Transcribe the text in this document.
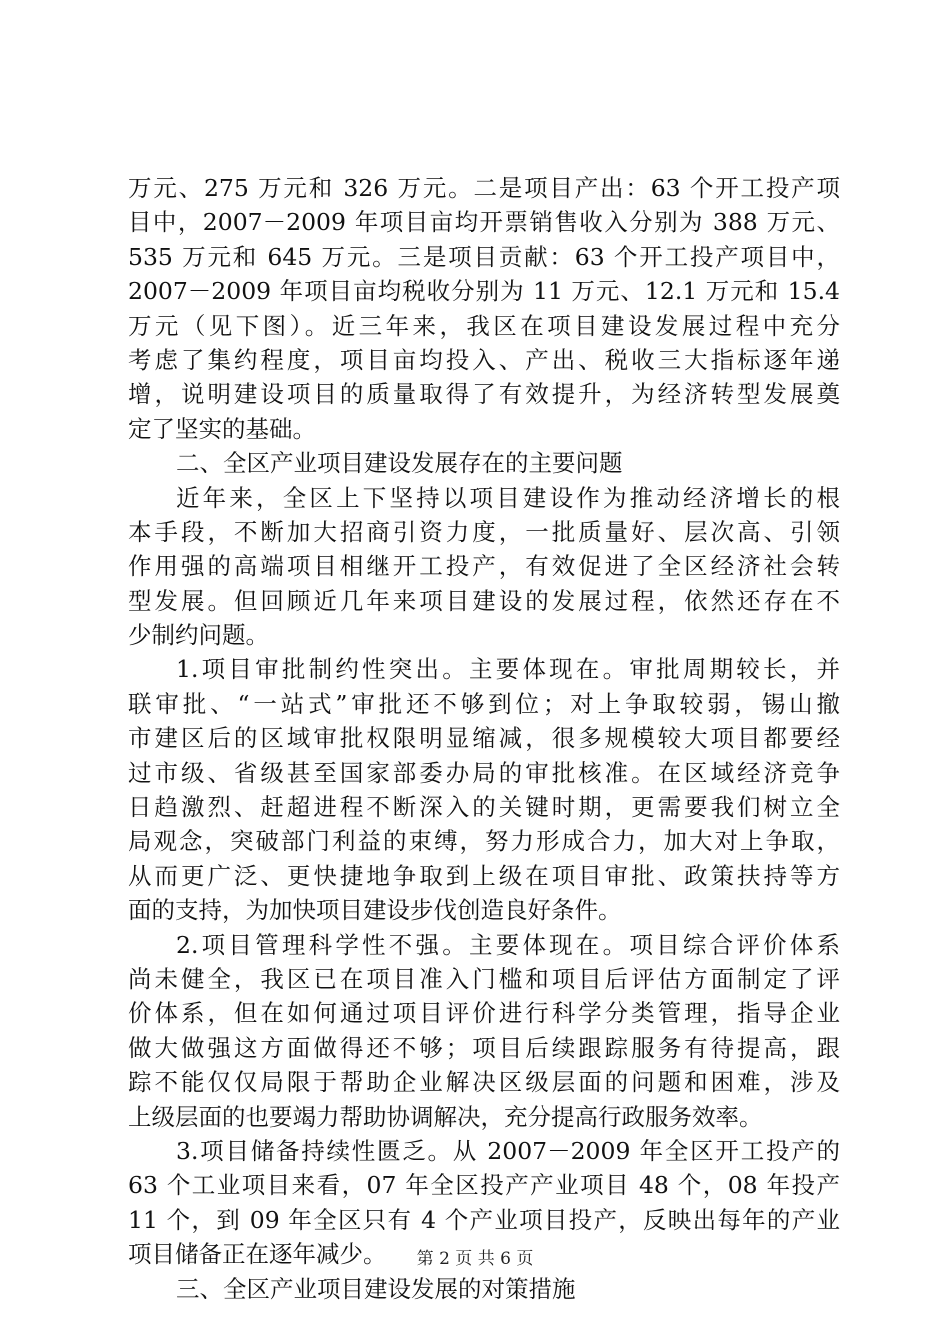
万元、275 万元和 326 万元。二是项目产出：63 个开工投产项
目中，2007－2009 年项目亩均开票销售收入分别为 388 万元、
535 万元和 645 万元。三是项目贡献：63 个开工投产项目中，
2007－2009 年项目亩均税收分别为 11 万元、12.1 万元和 15.4
万元（见下图）。近三年来，我区在项目建设发展过程中充分
考虑了集约程度，项目亩均投入、产出、税收三大指标逐年递
增，说明建设项目的质量取得了有效提升，为经济转型发展奠
定了坚实的基础。
二、全区产业项目建设发展存在的主要问题
近年来，全区上下坚持以项目建设作为推动经济增长的根
本手段，不断加大招商引资力度，一批质量好、层次高、引领
作用强的高端项目相继开工投产，有效促进了全区经济社会转
型发展。但回顾近几年来项目建设的发展过程，依然还存在不
少制约问题。
1.项目审批制约性突出。主要体现在。审批周期较长，并
联审批、“一站式”审批还不够到位；对上争取较弱，锡山撤
市建区后的区域审批权限明显缩减，很多规模较大项目都要经
过市级、省级甚至国家部委办局的审批核准。在区域经济竞争
日趋激烈、赶超进程不断深入的关键时期，更需要我们树立全
局观念，突破部门利益的束缚，努力形成合力，加大对上争取，
从而更广泛、更快捷地争取到上级在项目审批、政策扶持等方
面的支持，为加快项目建设步伐创造良好条件。
2.项目管理科学性不强。主要体现在。项目综合评价体系
尚未健全，我区已在项目准入门槛和项目后评估方面制定了评
价体系，但在如何通过项目评价进行科学分类管理，指导企业
做大做强这方面做得还不够；项目后续跟踪服务有待提高，跟
踪不能仅仅局限于帮助企业解决区级层面的问题和困难，涉及
上级层面的也要竭力帮助协调解决，充分提高行政服务效率。
3.项目储备持续性匮乏。从 2007－2009 年全区开工投产的
63 个工业项目来看，07 年全区投产产业项目 48 个，08 年投产
11 个，到 09 年全区只有 4 个产业项目投产，反映出每年的产业
项目储备正在逐年减少。
三、全区产业项目建设发展的对策措施
第 2 页 共 6 页
